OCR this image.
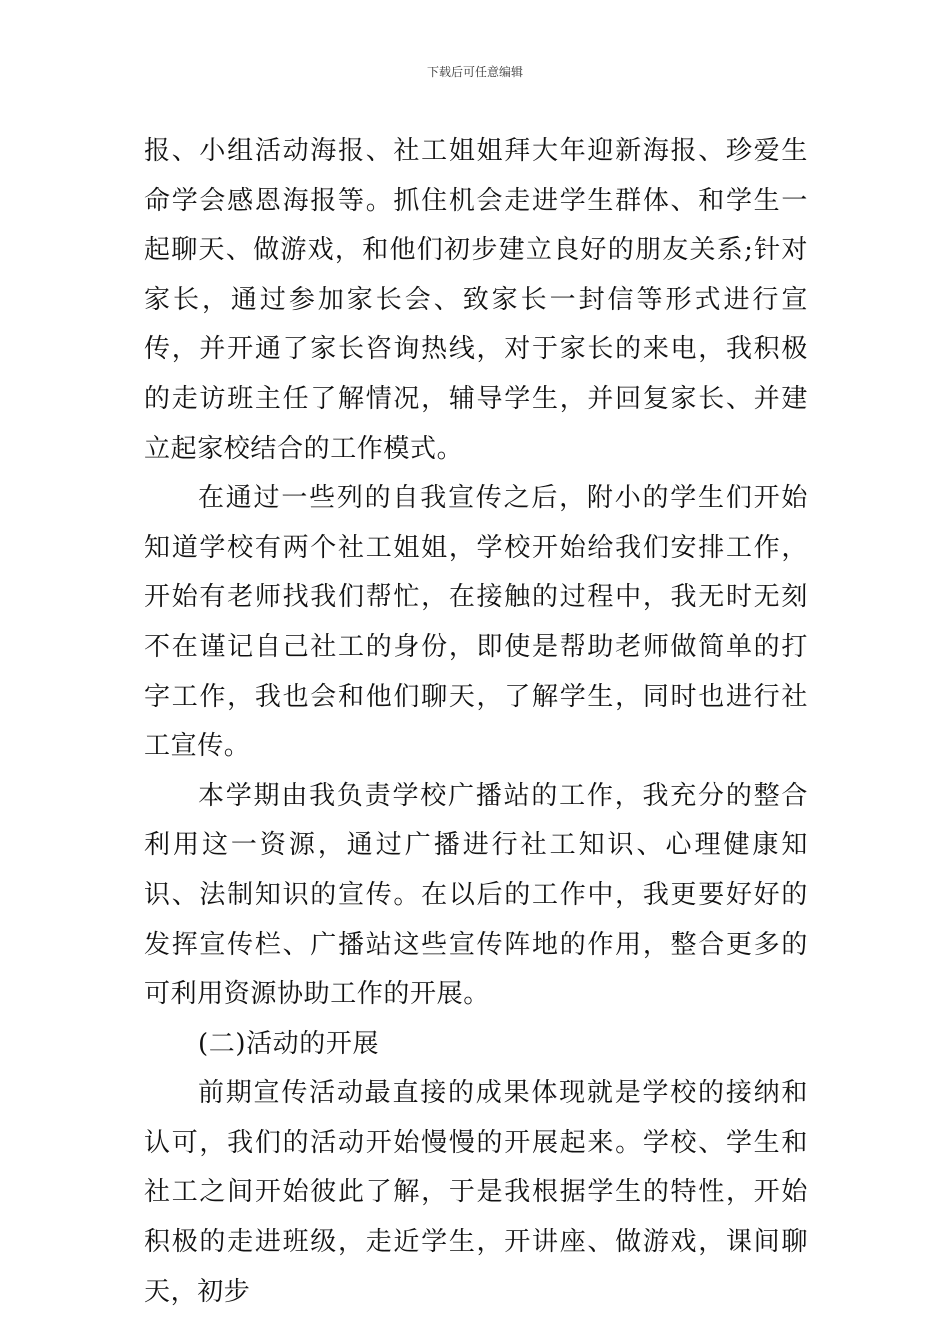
下载后可任意编辑

报、小组活动海报、社工姐姐拜大年迎新海报、珍爱生命学会感恩海报等。抓住机会走进学生群体、和学生一起聊天、做游戏，和他们初步建立良好的朋友关系;针对家长，通过参加家长会、致家长一封信等形式进行宣传，并开通了家长咨询热线，对于家长的来电，我积极的走访班主任了解情况，辅导学生，并回复家长、并建立起家校结合的工作模式。

在通过一些列的自我宣传之后，附小的学生们开始知道学校有两个社工姐姐，学校开始给我们安排工作，开始有老师找我们帮忙，在接触的过程中，我无时无刻不在谨记自己社工的身份，即使是帮助老师做简单的打字工作，我也会和他们聊天，了解学生，同时也进行社工宣传。

本学期由我负责学校广播站的工作，我充分的整合利用这一资源，通过广播进行社工知识、心理健康知识、法制知识的宣传。在以后的工作中，我更要好好的发挥宣传栏、广播站这些宣传阵地的作用，整合更多的可利用资源协助工作的开展。

(二)活动的开展

前期宣传活动最直接的成果体现就是学校的接纳和认可，我们的活动开始慢慢的开展起来。学校、学生和社工之间开始彼此了解，于是我根据学生的特性，开始积极的走进班级，走近学生，开讲座、做游戏，课间聊天，初步
